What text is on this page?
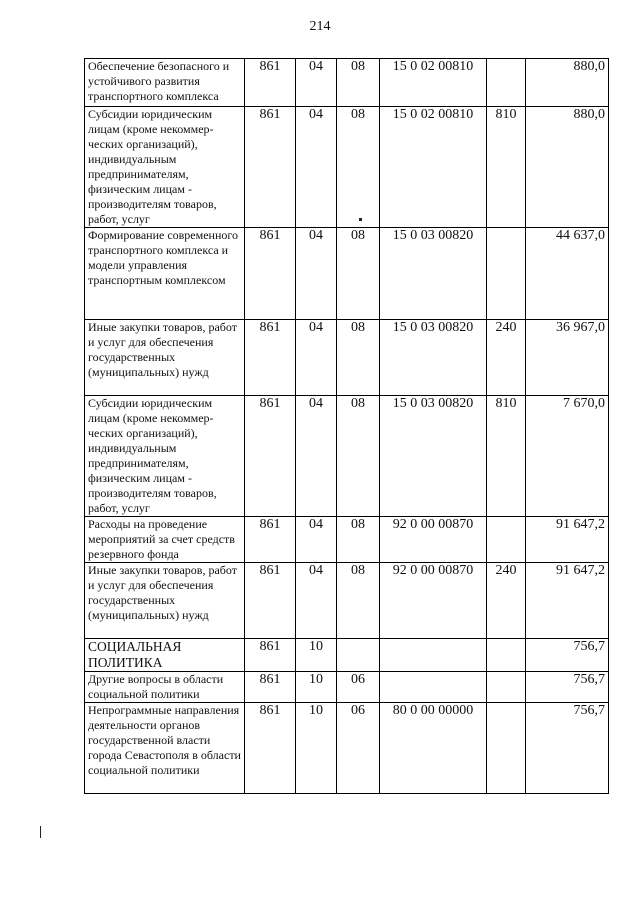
214
Обеспечение безопасного и устойчивого развития транспортного комплекса	861	04	08	15 0 02 00810		880,0
Субсидии юридическим лицам (кроме некоммер-ческих организаций), индивидуальным предпринимателям, физическим лицам - производителям товаров, работ, услуг	861	04	08	15 0 02 00810	810	880,0
Формирование современного транспортного комплекса и модели управления транспортным комплексом	861	04	08	15 0 03 00820		44 637,0
Иные закупки товаров, работ и услуг для обеспечения государственных (муниципальных) нужд	861	04	08	15 0 03 00820	240	36 967,0
Субсидии юридическим лицам (кроме некоммер-ческих организаций), индивидуальным предпринимателям, физическим лицам - производителям товаров, работ, услуг	861	04	08	15 0 03 00820	810	7 670,0
Расходы на проведение мероприятий за счет средств резервного фонда	861	04	08	92 0 00 00870		91 647,2
Иные закупки товаров, работ и услуг для обеспечения государственных (муниципальных) нужд	861	04	08	92 0 00 00870	240	91 647,2
СОЦИАЛЬНАЯ ПОЛИТИКА	861	10				756,7
Другие вопросы в области социальной политики	861	10	06			756,7
Непрограммные направления деятельности органов государственной власти города Севастополя в области социальной политики	861	10	06	80 0 00 00000		756,7
